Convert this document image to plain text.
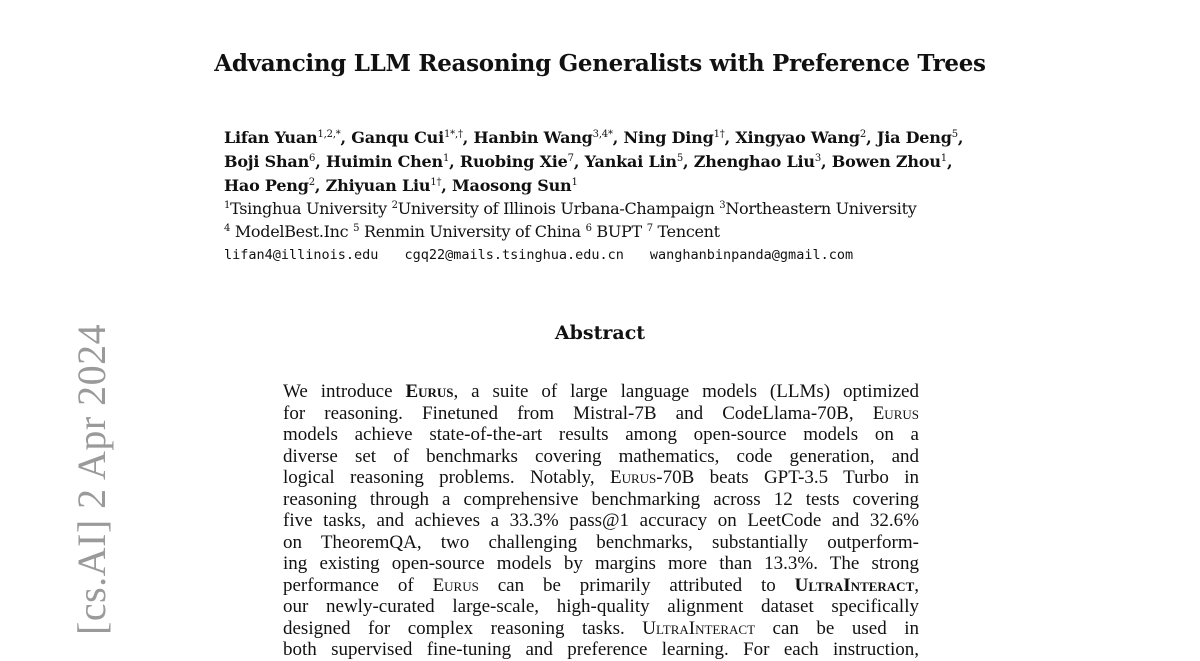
[cs.AI] 2 Apr 2024
Advancing LLM Reasoning Generalists with Preference Trees
Lifan Yuan$^{1,2,*}$, Ganqu Cui$^{1*,\dagger}$, Hanbin Wang$^{3,4*}$, Ning Ding$^{1\dagger}$, Xingyao Wang$^2$, Jia Deng$^5$,
Boji Shan$^6$, Huimin Chen$^1$, Ruobing Xie$^7$, Yankai Lin$^5$, Zhenghao Liu$^3$, Bowen Zhou$^1$,
Hao Peng$^2$, Zhiyuan Liu$^{1\dagger}$, Maosong Sun$^1$
$^1$Tsinghua University $^2$University of Illinois Urbana-Champaign $^3$Northeastern University
$^4$ ModelBest.Inc $^5$ Renmin University of China $^6$ BUPT $^7$ Tencent
lifan4@illinois.edu cgq22@mails.tsinghua.edu.cn wanghanbinpanda@gmail.com
Abstract
We introduce Eurus, a suite of large language models (LLMs) optimized
for reasoning. Finetuned from Mistral-7B and CodeLlama-70B, Eurus
models achieve state-of-the-art results among open-source models on a
diverse set of benchmarks covering mathematics, code generation, and
logical reasoning problems. Notably, Eurus-70B beats GPT-3.5 Turbo in
reasoning through a comprehensive benchmarking across 12 tests covering
five tasks, and achieves a 33.3% pass@1 accuracy on LeetCode and 32.6%
on TheoremQA, two challenging benchmarks, substantially outperform-
ing existing open-source models by margins more than 13.3%. The strong
performance of Eurus can be primarily attributed to UltraInteract,
our newly-curated large-scale, high-quality alignment dataset specifically
designed for complex reasoning tasks. UltraInteract can be used in
both supervised fine-tuning and preference learning. For each instruction,
